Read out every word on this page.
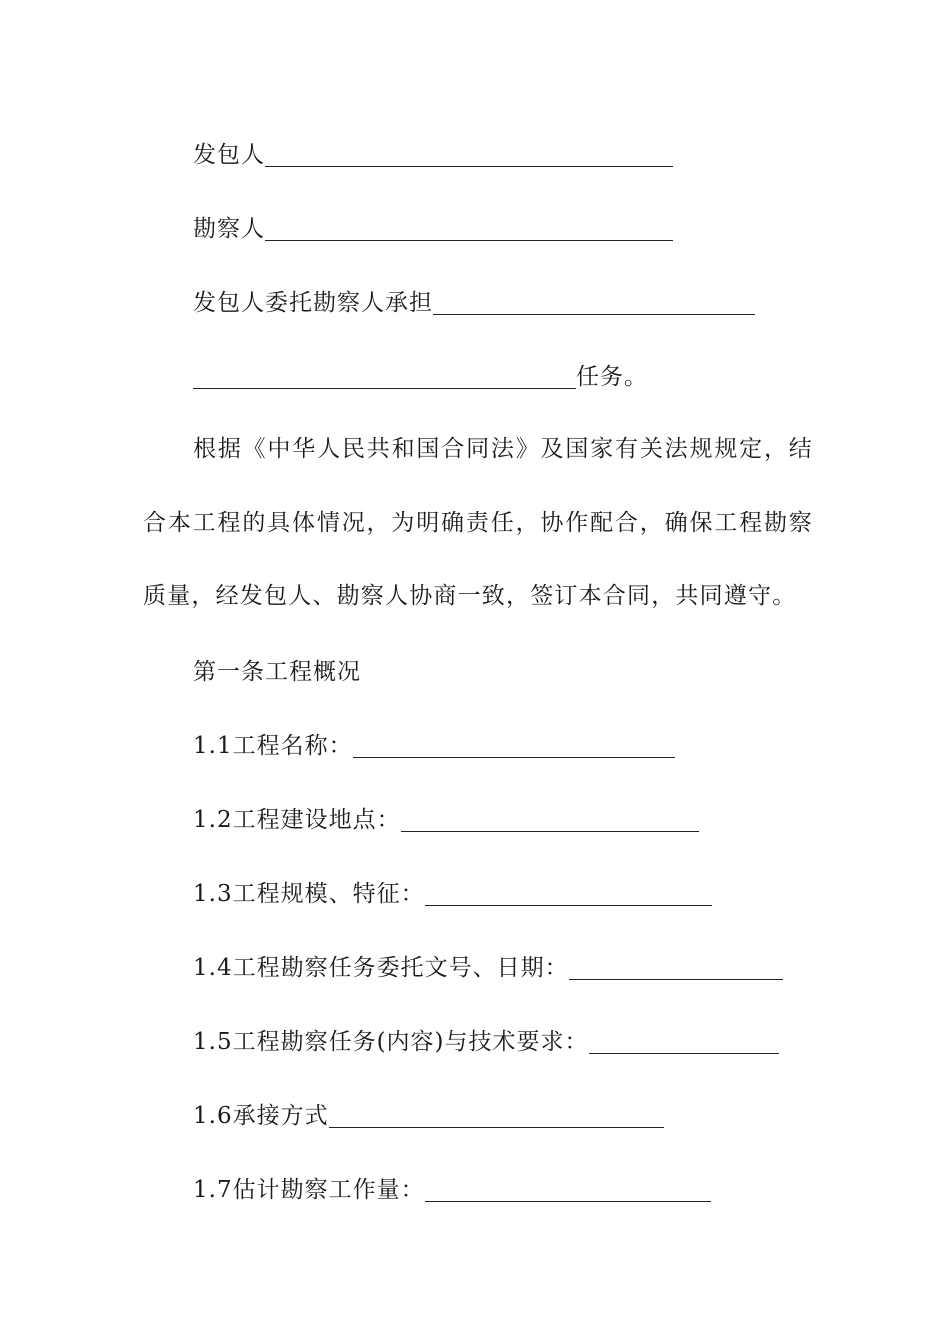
发包人
勘察人
发包人委托勘察人承担
任务。

根据《中华人民共和国合同法》及国家有关法规规定，结合本工程的具体情况，为明确责任，协作配合，确保工程勘察质量，经发包人、勘察人协商一致，签订本合同，共同遵守。

第一条工程概况
1.1工程名称：
1.2工程建设地点：
1.3工程规模、特征：
1.4工程勘察任务委托文号、日期：
1.5工程勘察任务(内容)与技术要求：
1.6承接方式
1.7估计勘察工作量：
